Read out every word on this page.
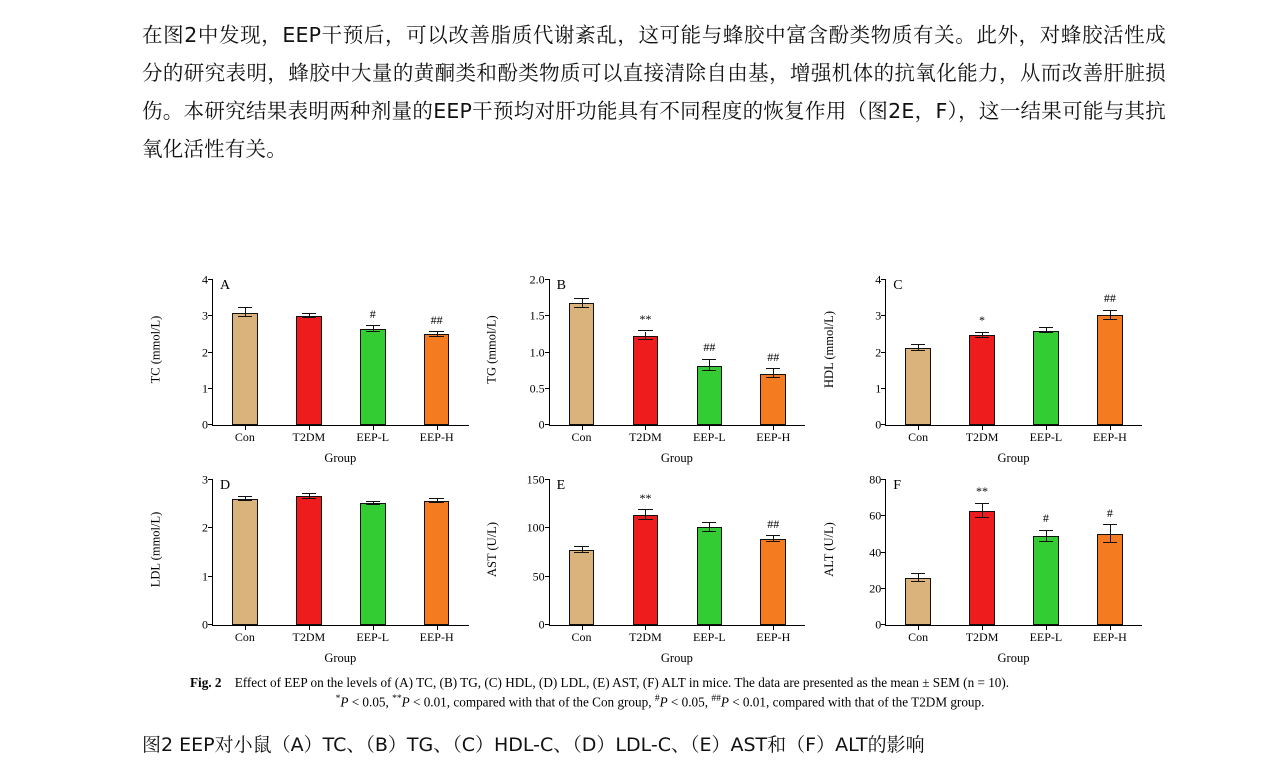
在图2中发现，EEP干预后，可以改善脂质代谢紊乱，这可能与蜂胶中富含酚类物质有关。此外，对蜂胶活性成分的研究表明，蜂胶中大量的黄酮类和酚类物质可以直接清除自由基，增强机体的抗氧化能力，从而改善肝脏损伤。本研究结果表明两种剂量的EEP干预均对肝功能具有不同程度的恢复作用（图2E，F），这一结果可能与其抗氧化活性有关。
A
TC (mmol/L)
Group
0
1
2
3
4
Con	T2DM	EEP-L
#
EEP-H
##
B
TG (mmol/L)
Group
0
0.5
1.0
1.5
2.0
Con	T2DM
**
EEP-L
##
EEP-H
##
C
HDL (mmol/L)
Group
0
1
2
3
4
Con	T2DM
*
EEP-L	EEP-H
##
D
LDL (mmol/L)
Group
0
1
2
3
Con	T2DM	EEP-L	EEP-H
E
AST (U/L)
Group
0
50
100
150
Con	T2DM
**
EEP-L	EEP-H
##
F
ALT (U/L)
Group
0
20
40
60
80
Con	T2DM
**
EEP-L
#
EEP-H
#
Fig. 2 Effect of EEP on the levels of (A) TC, (B) TG, (C) HDL, (D) LDL, (E) AST, (F) ALT in mice. The data are presented as the mean ± SEM (n = 10).
*P < 0.05, **P < 0.01, compared with that of the Con group, #P < 0.05, ##P < 0.01, compared with that of the T2DM group.
图2 EEP对小鼠（A）TC、（B）TG、（C）HDL-C、（D）LDL-C、（E）AST和（F）ALT的影响
